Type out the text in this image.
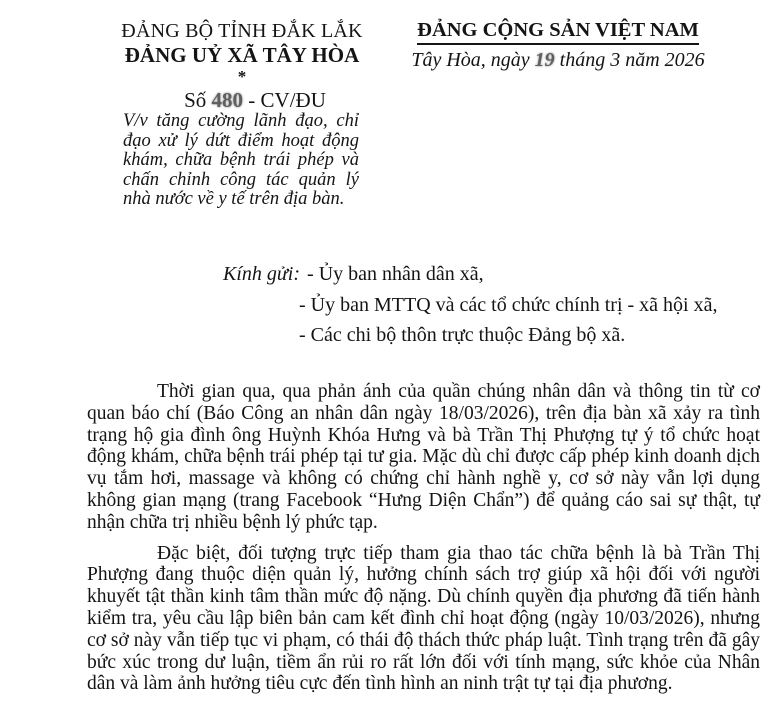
ĐẢNG BỘ TỈNH ĐẮK LẮK
ĐẢNG UỶ XÃ TÂY HÒA
*
Số 480 - CV/ĐU
V/v tăng cường lãnh đạo, chỉ đạo xử lý dứt điểm hoạt động khám, chữa bệnh trái phép và chấn chỉnh công tác quản lý nhà nước về y tế trên địa bàn.
ĐẢNG CỘNG SẢN VIỆT NAM
Tây Hòa, ngày 19 tháng 3 năm 2026
Kính gửi: - Ủy ban nhân dân xã,
- Ủy ban MTTQ và các tổ chức chính trị - xã hội xã,
- Các chi bộ thôn trực thuộc Đảng bộ xã.

Thời gian qua, qua phản ánh của quần chúng nhân dân và thông tin từ cơ quan báo chí (Báo Công an nhân dân ngày 18/03/2026), trên địa bàn xã xảy ra tình trạng hộ gia đình ông Huỳnh Khóa Hưng và bà Trần Thị Phượng tự ý tổ chức hoạt động khám, chữa bệnh trái phép tại tư gia. Mặc dù chỉ được cấp phép kinh doanh dịch vụ tắm hơi, massage và không có chứng chỉ hành nghề y, cơ sở này vẫn lợi dụng không gian mạng (trang Facebook “Hưng Diện Chẩn”) để quảng cáo sai sự thật, tự nhận chữa trị nhiều bệnh lý phức tạp.

Đặc biệt, đối tượng trực tiếp tham gia thao tác chữa bệnh là bà Trần Thị Phượng đang thuộc diện quản lý, hưởng chính sách trợ giúp xã hội đối với người khuyết tật thần kinh tâm thần mức độ nặng. Dù chính quyền địa phương đã tiến hành kiểm tra, yêu cầu lập biên bản cam kết đình chỉ hoạt động (ngày 10/03/2026), nhưng cơ sở này vẫn tiếp tục vi phạm, có thái độ thách thức pháp luật. Tình trạng trên đã gây bức xúc trong dư luận, tiềm ẩn rủi ro rất lớn đối với tính mạng, sức khỏe của Nhân dân và làm ảnh hưởng tiêu cực đến tình hình an ninh trật tự tại địa phương.
